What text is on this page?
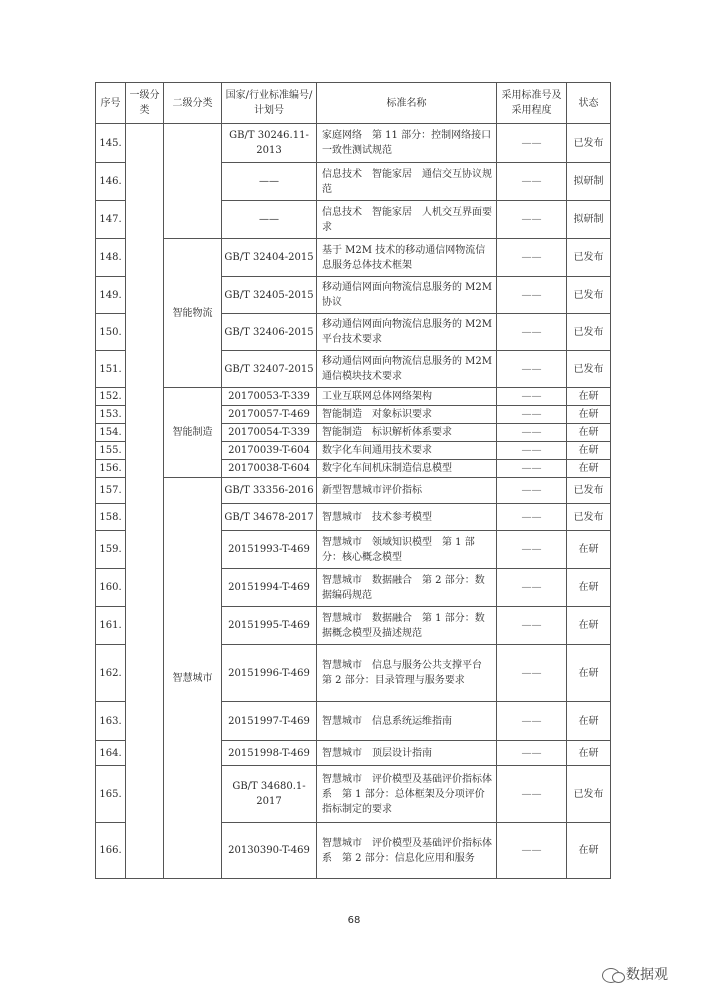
序号	一级分类	二级分类	国家/行业标准编号/计划号	标准名称	采用标准号及采用程度	状态
145.			GB/T 30246.11-2013	家庭网络　第 11 部分：控制网络接口一致性测试规范	——	已发布
146.			——	信息技术　智能家居　通信交互协议规范	——	拟研制
147.			——	信息技术　智能家居　人机交互界面要求	——	拟研制
148.		智能物流	GB/T 32404-2015	基于 M2M 技术的移动通信网物流信息服务总体技术框架	——	已发布
149.			GB/T 32405-2015	移动通信网面向物流信息服务的 M2M 协议	——	已发布
150.			GB/T 32406-2015	移动通信网面向物流信息服务的 M2M 平台技术要求	——	已发布
151.			GB/T 32407-2015	移动通信网面向物流信息服务的 M2M 通信模块技术要求	——	已发布
152.		智能制造	20170053-T-339	工业互联网总体网络架构	——	在研
153.			20170057-T-469	智能制造　对象标识要求	——	在研
154.			20170054-T-339	智能制造　标识解析体系要求	——	在研
155.			20170039-T-604	数字化车间通用技术要求	——	在研
156.			20170038-T-604	数字化车间机床制造信息模型	——	在研
157.		智慧城市	GB/T 33356-2016	新型智慧城市评价指标	——	已发布
158.			GB/T 34678-2017	智慧城市　技术参考模型	——	已发布
159.			20151993-T-469	智慧城市　领域知识模型　第 1 部分：核心概念模型	——	在研
160.			20151994-T-469	智慧城市　数据融合　第 2 部分：数据编码规范	——	在研
161.			20151995-T-469	智慧城市　数据融合　第 1 部分：数据概念模型及描述规范	——	在研
162.			20151996-T-469	智慧城市　信息与服务公共支撑平台　第 2 部分：目录管理与服务要求	——	在研
163.			20151997-T-469	智慧城市　信息系统运维指南	——	在研
164.			20151998-T-469	智慧城市　顶层设计指南	——	在研
165.			GB/T 34680.1-2017	智慧城市　评价模型及基础评价指标体系　第 1 部分：总体框架及分项评价指标制定的要求	——	已发布
166.			20130390-T-469	智慧城市　评价模型及基础评价指标体系　第 2 部分：信息化应用和服务	——	在研
68
数据观
